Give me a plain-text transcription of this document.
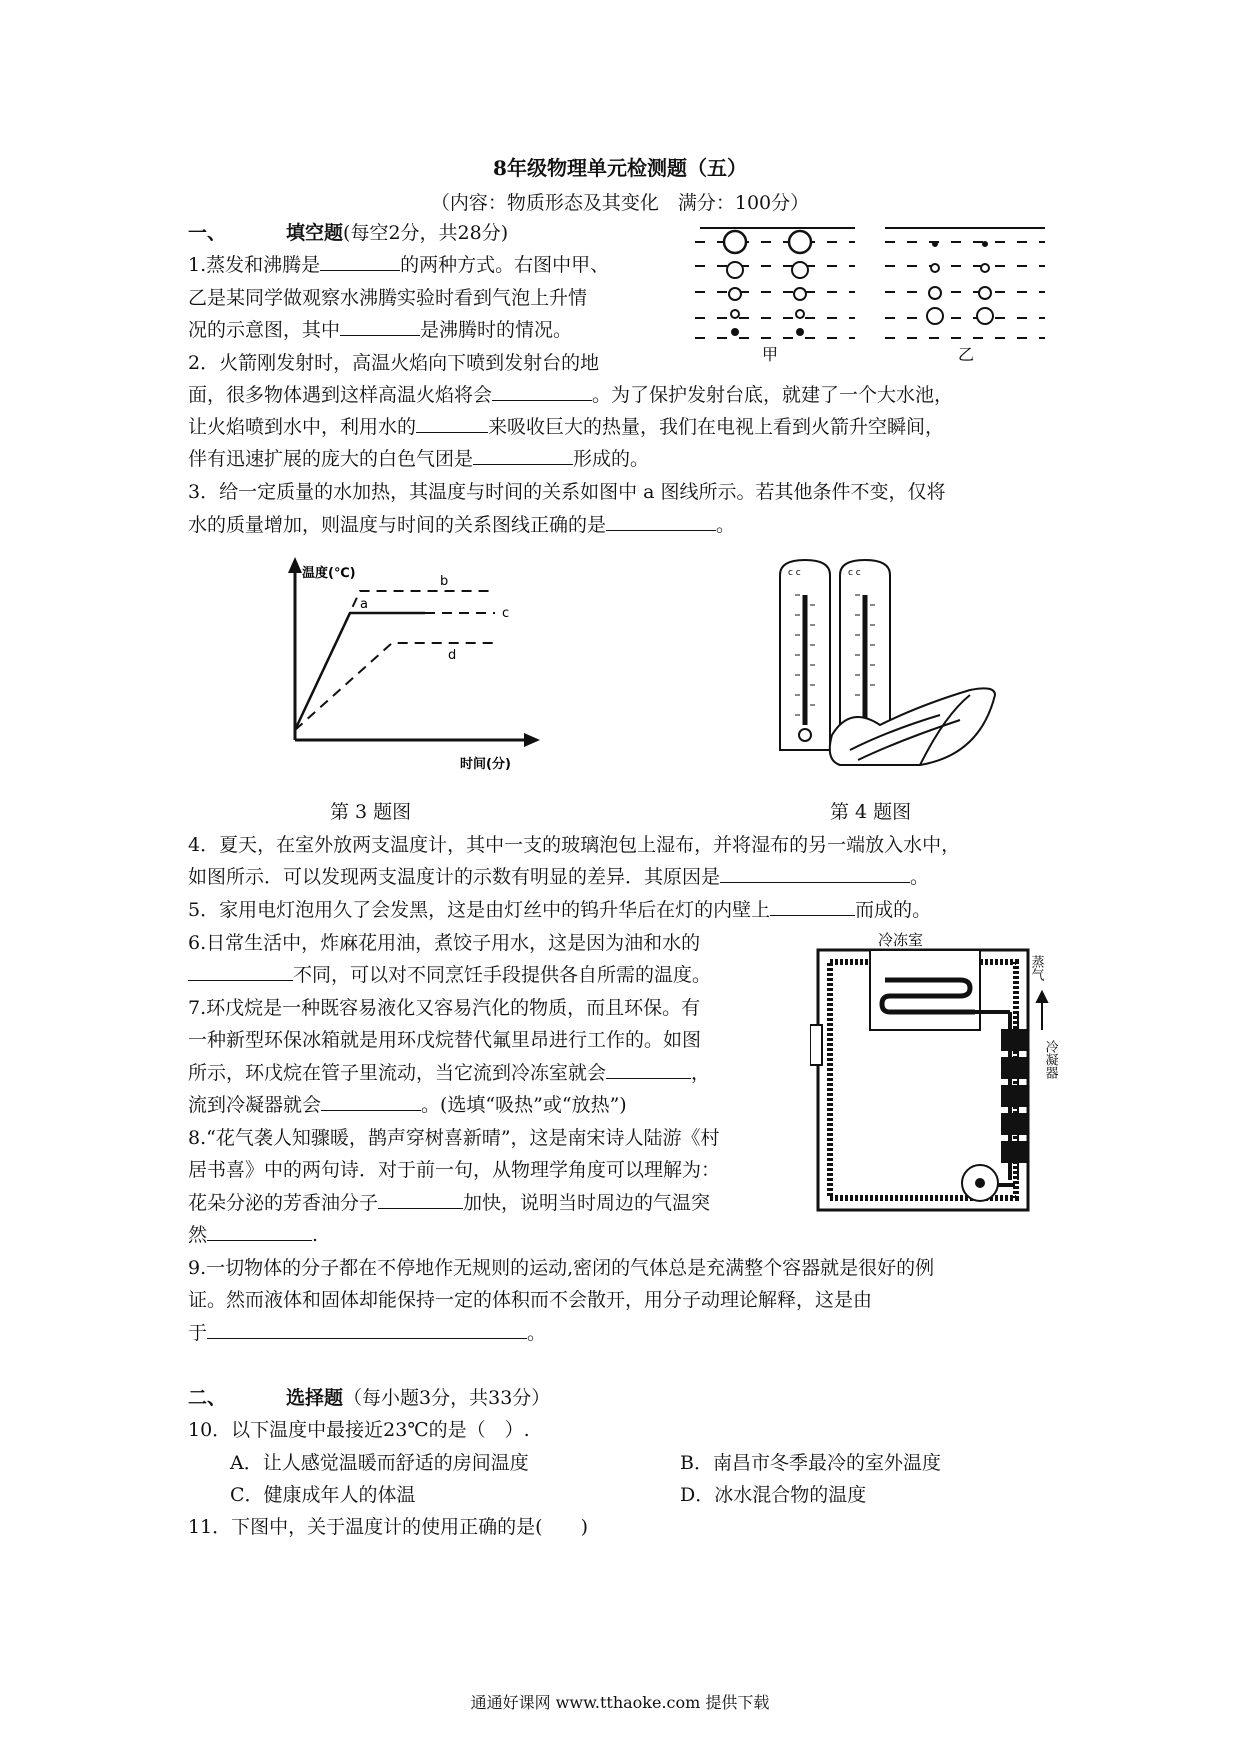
8年级物理单元检测题（五）
（内容：物质形态及其变化　满分：100分）
一、	填空题(每空2分，共28分)
1.蒸发和沸腾是	的两种方式。右图中甲、
乙是某同学做观察水沸腾实验时看到气泡上升情
况的示意图，其中	是沸腾时的情况。
甲	乙
2．火箭刚发射时，高温火焰向下喷到发射台的地
面，很多物体遇到这样高温火焰将会	。为了保护发射台底，就建了一个大水池，
让火焰喷到水中，利用水的	来吸收巨大的热量，我们在电视上看到火箭升空瞬间，
伴有迅速扩展的庞大的白色气团是	形成的。
3．给一定质量的水加热，其温度与时间的关系如图中 a 图线所示。若其他条件不变，仅将
水的质量增加，则温度与时间的关系图线正确的是	。
温度(℃)
时间(分)
a
b
c
d
c c	c c
第 3 题图	第 4 题图
4．夏天，在室外放两支温度计，其中一支的玻璃泡包上湿布，并将湿布的另一端放入水中，
如图所示．可以发现两支温度计的示数有明显的差异．其原因是	。
5．家用电灯泡用久了会发黑，这是由灯丝中的钨升华后在灯的内壁上	而成的。
6.日常生活中，炸麻花用油，煮饺子用水，这是因为油和水的
不同，可以对不同烹饪手段提供各自所需的温度。
7.环戊烷是一种既容易液化又容易汽化的物质，而且环保。有
一种新型环保冰箱就是用环戊烷替代氟里昂进行工作的。如图
所示，环戊烷在管子里流动，当它流到冷冻室就会	，
流到冷凝器就会	。(选填“吸热”或“放热”)
冷冻室
蒸气
冷凝器
8.“花气袭人知骤暖，鹊声穿树喜新晴”，这是南宋诗人陆游《村
居书喜》中的两句诗．对于前一句，从物理学角度可以理解为：
花朵分泌的芳香油分子	加快，说明当时周边的气温突
然	.
9.一切物体的分子都在不停地作无规则的运动,密闭的气体总是充满整个容器就是很好的例
证。然而液体和固体却能保持一定的体积而不会散开，用分子动理论解释，这是由
于	。
二、	选择题（每小题3分，共33分）
10．以下温度中最接近23℃的是（　）.
A．让人感觉温暖而舒适的房间温度	B．南昌市冬季最冷的室外温度
C．健康成年人的体温	D．冰水混合物的温度
11．下图中，关于温度计的使用正确的是(　　)
通通好课网 www.tthaoke.com 提供下载
